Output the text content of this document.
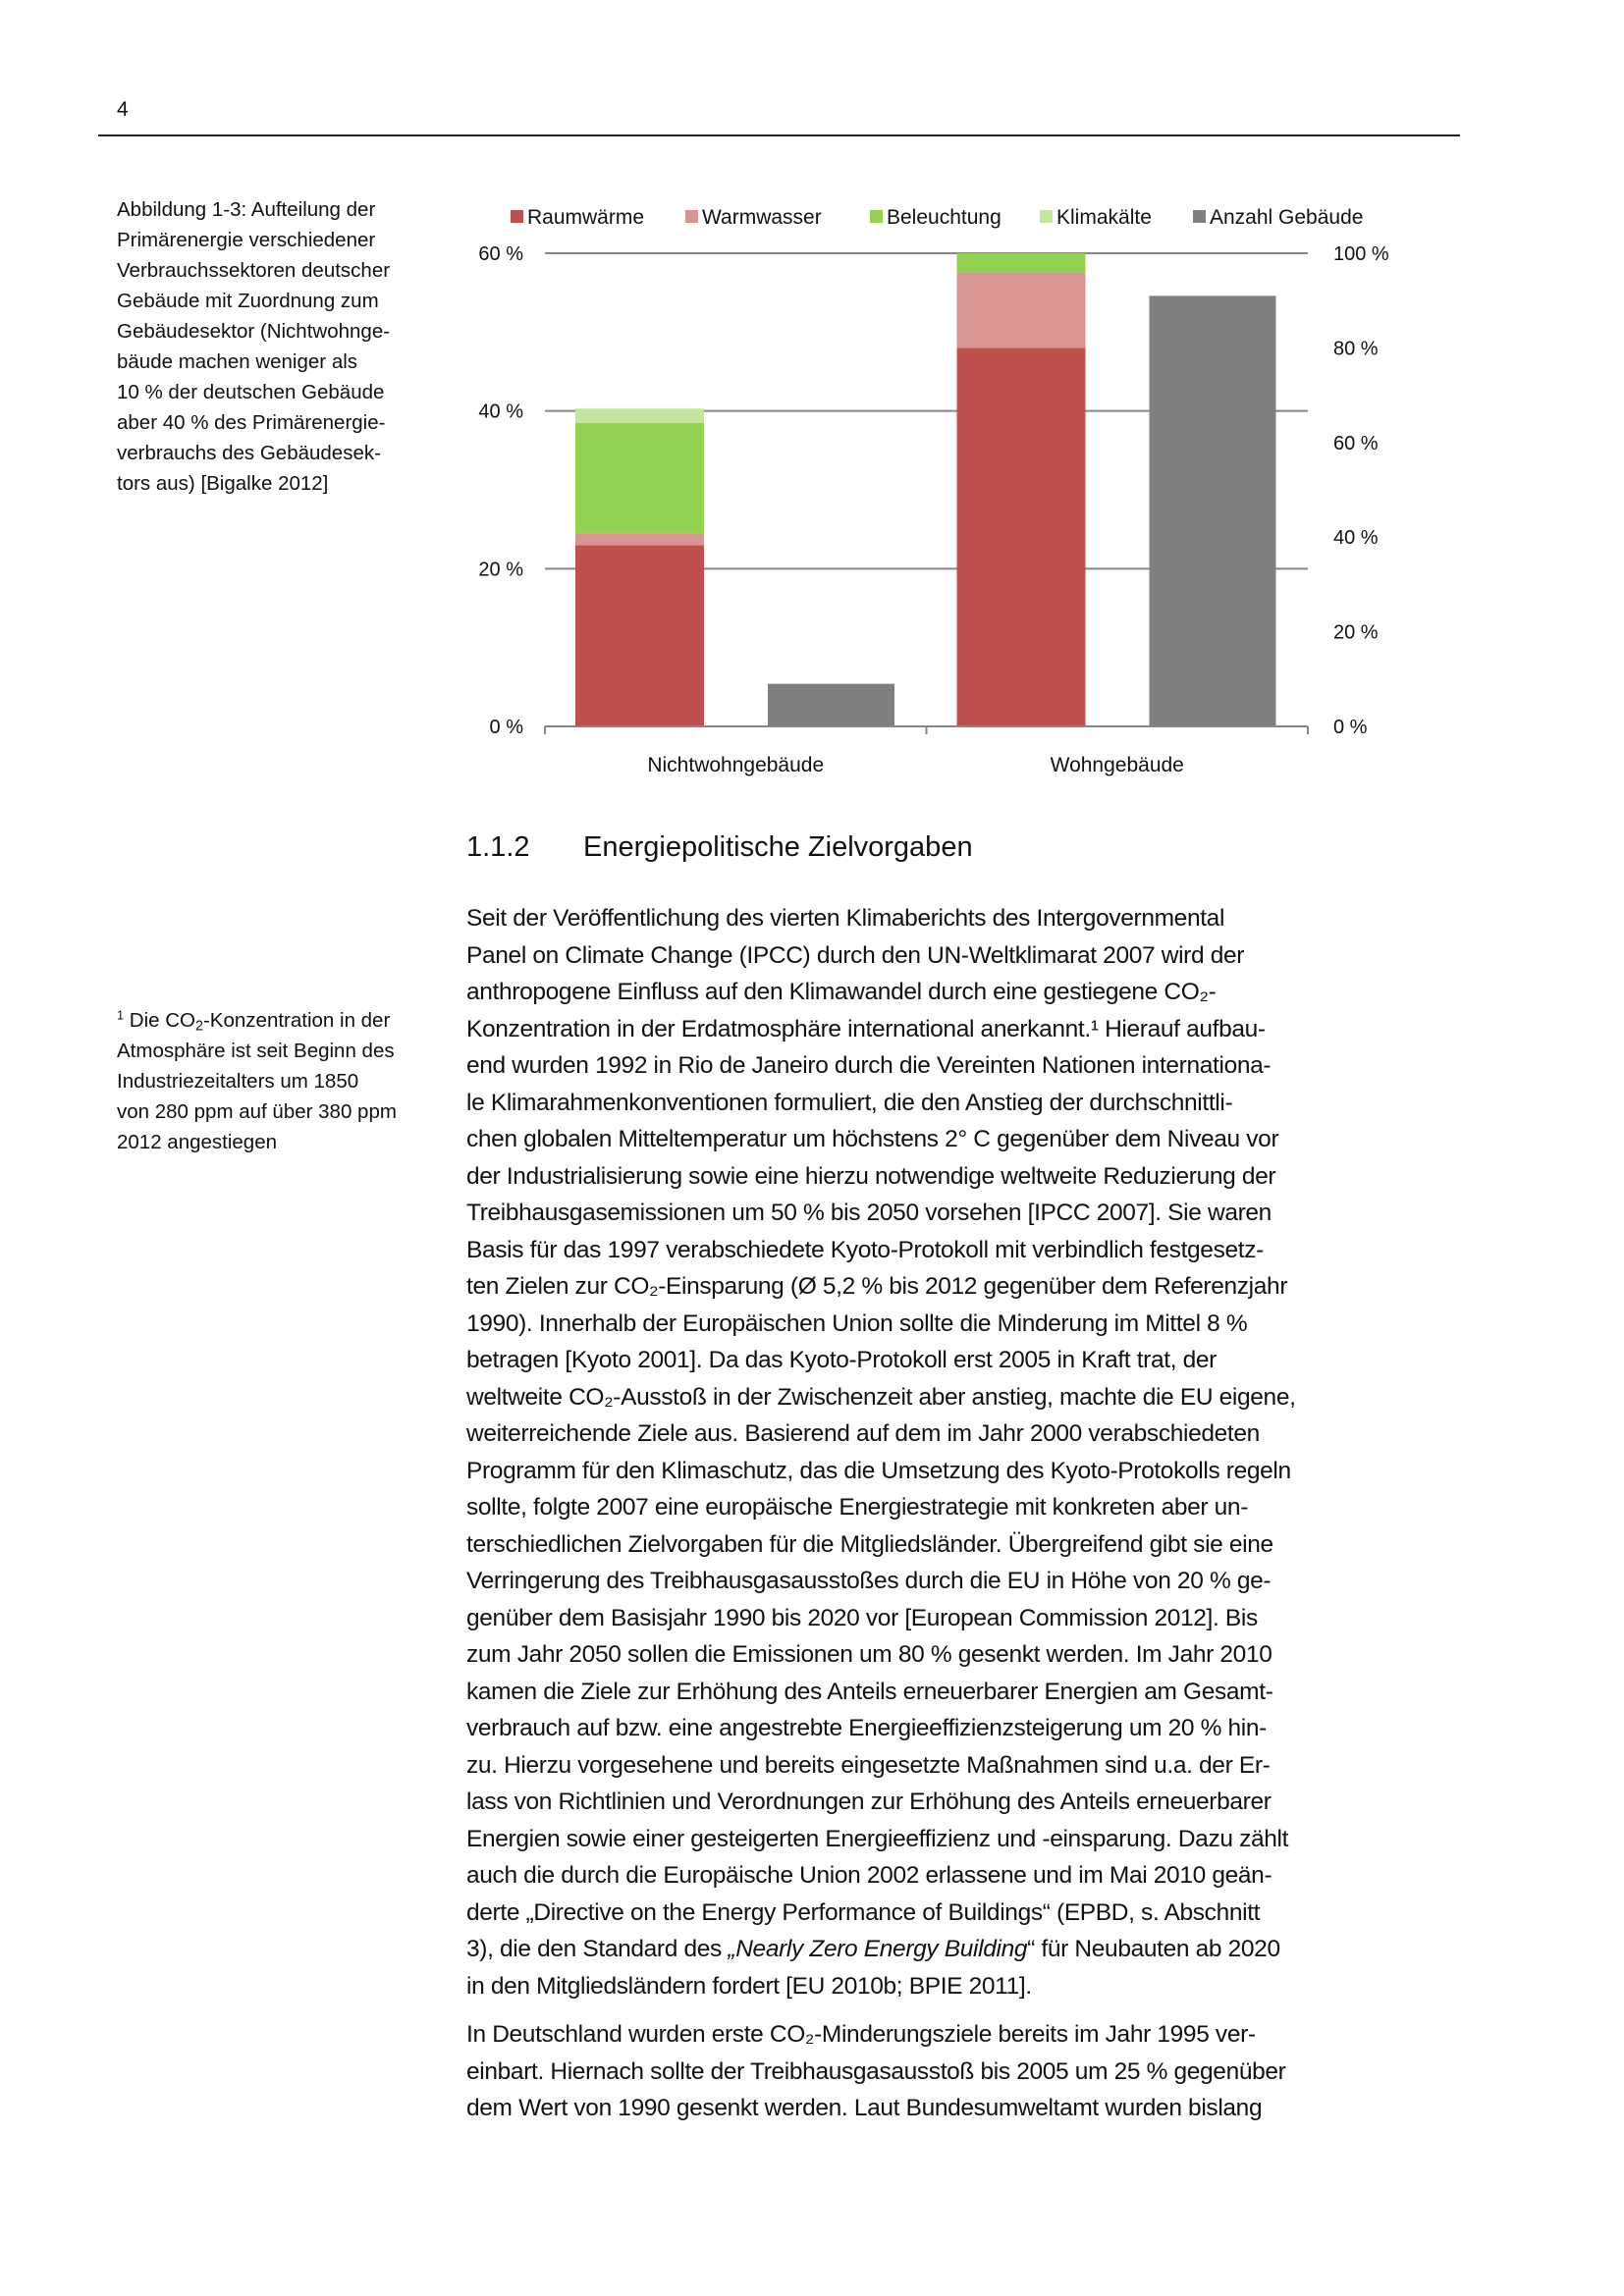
4
Abbildung 1-3: Aufteilung der
Primärenergie verschiedener
Verbrauchssektoren deutscher
Gebäude mit Zuordnung zum
Gebäudesektor (Nichtwohnge-
bäude machen weniger als
10 % der deutschen Gebäude
aber 40 % des Primärenergie-
verbrauchs des Gebäudesek-
tors aus) [Bigalke 2012]
0 %
20 %
40 %
60 %
0 %
20 %
40 %
60 %
80 %
100 %
Nichtwohngebäude	Wohngebäude
Raumwärme	Warmwasser	Beleuchtung	Klimakälte	Anzahl Gebäude
1.1.2 Energiepolitische Zielvorgaben
$^1$ Die $CO_2$-Konzentration in der
Atmosphäre ist seit Beginn des
Industriezeitalters um 1850
von 280 ppm auf über 380 ppm
2012 angestiegen
Seit der Veröffentlichung des vierten Klimaberichts des Intergovernmental
Panel on Climate Change (IPCC) durch den UN-Weltklimarat 2007 wird der
anthropogene Einfluss auf den Klimawandel durch eine gestiegene CO₂-
Konzentration in der Erdatmosphäre international anerkannt.¹ Hierauf aufbau-
end wurden 1992 in Rio de Janeiro durch die Vereinten Nationen internationa-
le Klimarahmenkonventionen formuliert, die den Anstieg der durchschnittli-
chen globalen Mitteltemperatur um höchstens 2° C gegenüber dem Niveau vor
der Industrialisierung sowie eine hierzu notwendige weltweite Reduzierung der
Treibhausgasemissionen um 50 % bis 2050 vorsehen [IPCC 2007]. Sie waren
Basis für das 1997 verabschiedete Kyoto-Protokoll mit verbindlich festgesetz-
ten Zielen zur CO₂-Einsparung (Ø 5,2 % bis 2012 gegenüber dem Referenzjahr
1990). Innerhalb der Europäischen Union sollte die Minderung im Mittel 8 %
betragen [Kyoto 2001]. Da das Kyoto-Protokoll erst 2005 in Kraft trat, der
weltweite CO₂-Ausstoß in der Zwischenzeit aber anstieg, machte die EU eigene,
weiterreichende Ziele aus. Basierend auf dem im Jahr 2000 verabschiedeten
Programm für den Klimaschutz, das die Umsetzung des Kyoto-Protokolls regeln
sollte, folgte 2007 eine europäische Energiestrategie mit konkreten aber un-
terschiedlichen Zielvorgaben für die Mitgliedsländer. Übergreifend gibt sie eine
Verringerung des Treibhausgasausstoßes durch die EU in Höhe von 20 % ge-
genüber dem Basisjahr 1990 bis 2020 vor [European Commission 2012]. Bis
zum Jahr 2050 sollen die Emissionen um 80 % gesenkt werden. Im Jahr 2010
kamen die Ziele zur Erhöhung des Anteils erneuerbarer Energien am Gesamt-
verbrauch auf bzw. eine angestrebte Energieeffizienzsteigerung um 20 % hin-
zu. Hierzu vorgesehene und bereits eingesetzte Maßnahmen sind u.a. der Er-
lass von Richtlinien und Verordnungen zur Erhöhung des Anteils erneuerbarer
Energien sowie einer gesteigerten Energieeffizienz und -einsparung. Dazu zählt
auch die durch die Europäische Union 2002 erlassene und im Mai 2010 geän-
derte „Directive on the Energy Performance of Buildings“ (EPBD, s. Abschnitt
3), die den Standard des „Nearly Zero Energy Building“ für Neubauten ab 2020
in den Mitgliedsländern fordert [EU 2010b; BPIE 2011].
In Deutschland wurden erste CO₂-Minderungsziele bereits im Jahr 1995 ver-
einbart. Hiernach sollte der Treibhausgasausstoß bis 2005 um 25 % gegenüber
dem Wert von 1990 gesenkt werden. Laut Bundesumweltamt wurden bislang
